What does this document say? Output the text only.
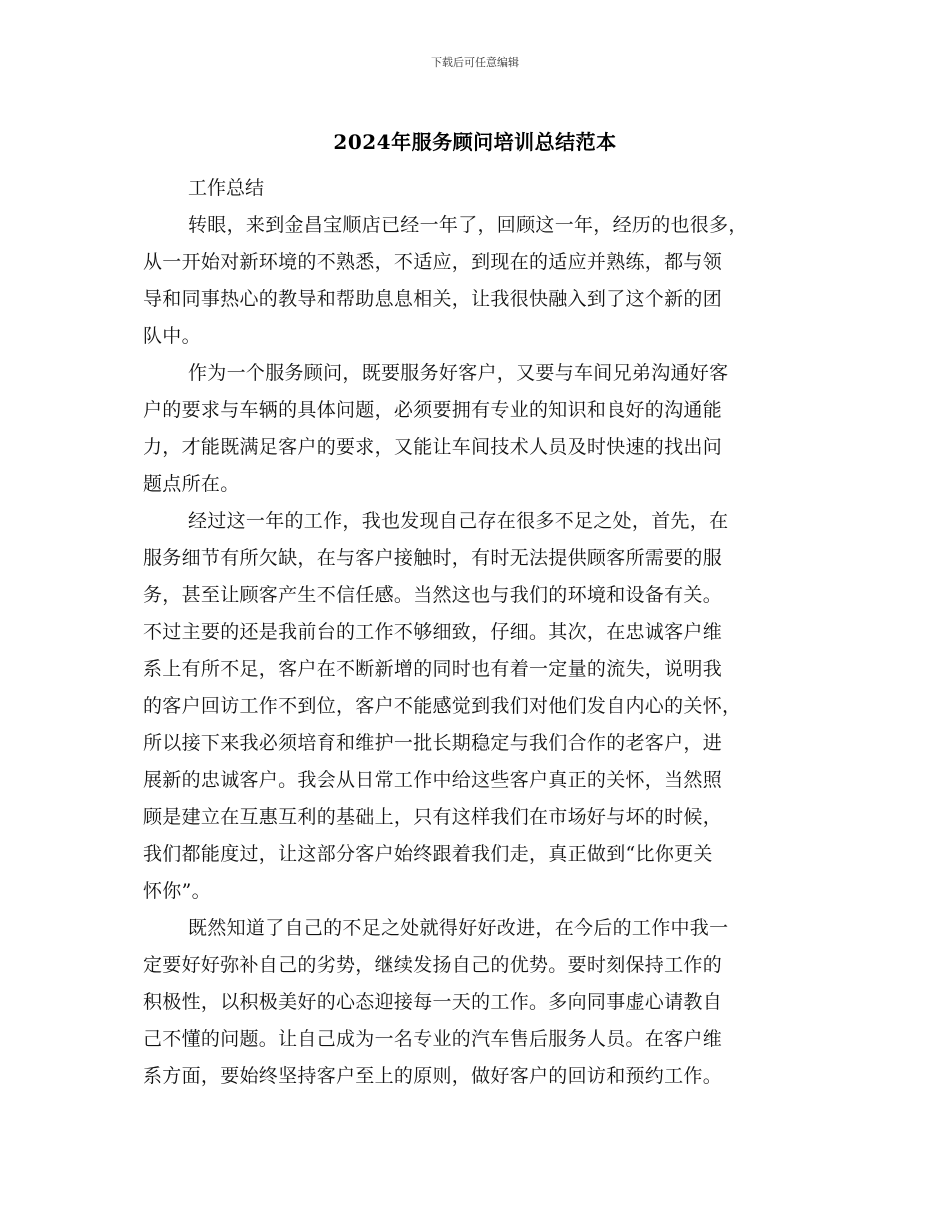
下载后可任意编辑
2024年服务顾问培训总结范本
工作总结
转眼，来到金昌宝顺店已经一年了，回顾这一年，经历的也很多，
从一开始对新环境的不熟悉，不适应，到现在的适应并熟练，都与领
导和同事热心的教导和帮助息息相关，让我很快融入到了这个新的团
队中。
作为一个服务顾问，既要服务好客户，又要与车间兄弟沟通好客
户的要求与车辆的具体问题，必须要拥有专业的知识和良好的沟通能
力，才能既满足客户的要求，又能让车间技术人员及时快速的找出问
题点所在。
经过这一年的工作，我也发现自己存在很多不足之处，首先，在
服务细节有所欠缺，在与客户接触时，有时无法提供顾客所需要的服
务，甚至让顾客产生不信任感。当然这也与我们的环境和设备有关。
不过主要的还是我前台的工作不够细致，仔细。其次，在忠诚客户维
系上有所不足，客户在不断新增的同时也有着一定量的流失，说明我
的客户回访工作不到位，客户不能感觉到我们对他们发自内心的关怀，
所以接下来我必须培育和维护一批长期稳定与我们合作的老客户，进
展新的忠诚客户。我会从日常工作中给这些客户真正的关怀，当然照
顾是建立在互惠互利的基础上，只有这样我们在市场好与坏的时候，
我们都能度过，让这部分客户始终跟着我们走，真正做到“比你更关
怀你”。
既然知道了自己的不足之处就得好好改进，在今后的工作中我一
定要好好弥补自己的劣势，继续发扬自己的优势。要时刻保持工作的
积极性，以积极美好的心态迎接每一天的工作。多向同事虚心请教自
己不懂的问题。让自己成为一名专业的汽车售后服务人员。在客户维
系方面，要始终坚持客户至上的原则，做好客户的回访和预约工作。
